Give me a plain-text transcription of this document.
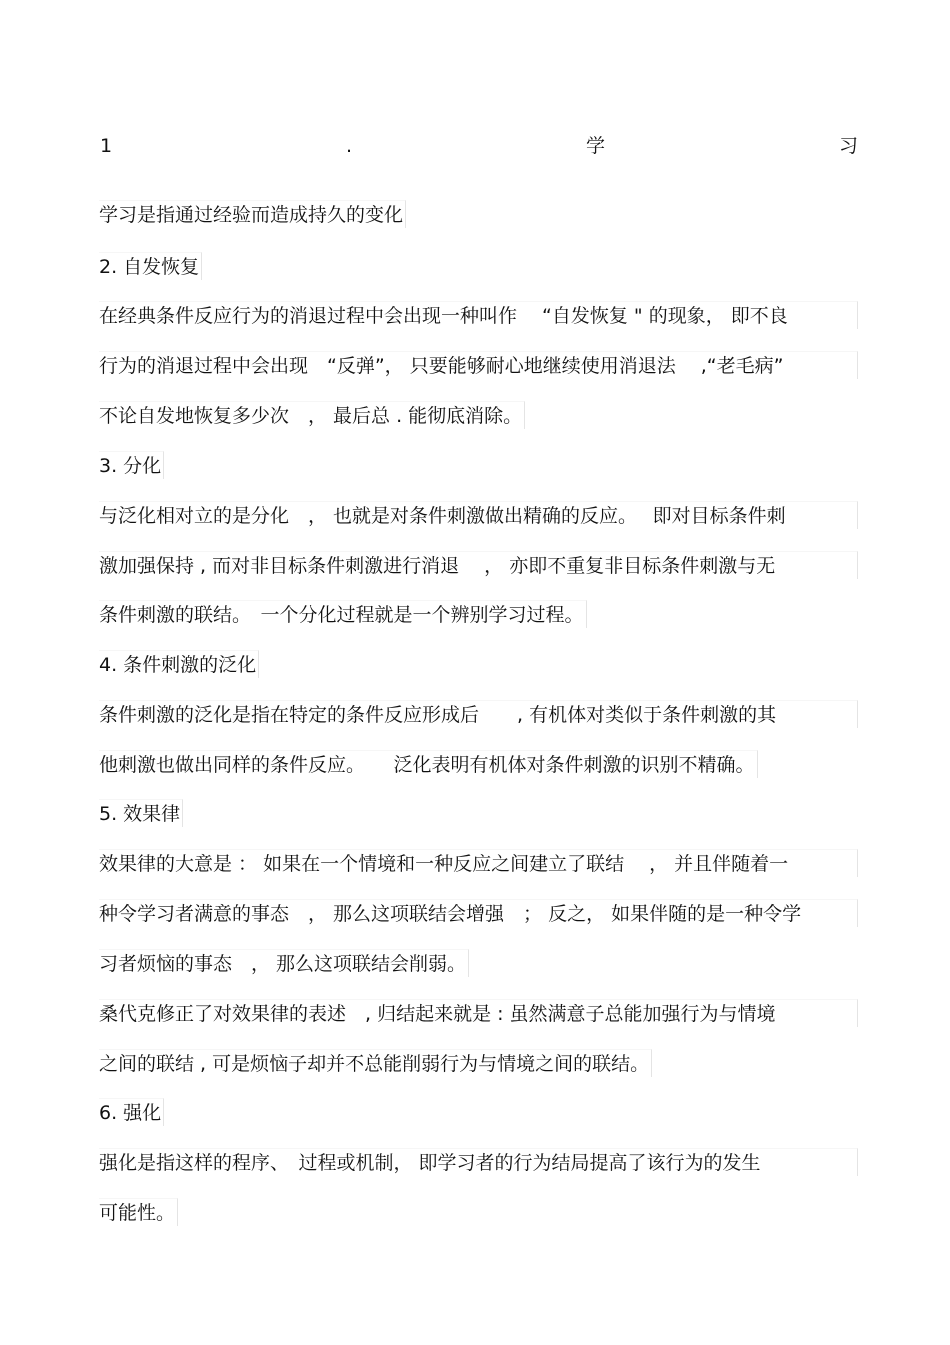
1	.	学	习
学习是指通过经验而造成持久的变化
2. 自发恢复
在经典条件反应行为的消退过程中会出现一种叫作　 “自发恢复 " 的现象， 即不良
行为的消退过程中会出现　“反弹”， 只要能够耐心地继续使用消退法　 ,“老毛病”
不论自发地恢复多少次　， 最后总 . 能彻底消除。
3. 分化
与泛化相对立的是分化　， 也就是对条件刺激做出精确的反应。　 即对目标条件刺
激加强保持 , 而对非目标条件刺激进行消退　 ， 亦即不重复非目标条件刺激与无
条件刺激的联结。　一个分化过程就是一个辨别学习过程。
4. 条件刺激的泛化
条件刺激的泛化是指在特定的条件反应形成后　　, 有机体对类似于条件刺激的其
他刺激也做出同样的条件反应。　　泛化表明有机体对条件刺激的识别不精确。
5. 效果律
效果律的大意是 ： 如果在一个情境和一种反应之间建立了联结　 ， 并且伴随着一
种令学习者满意的事态　， 那么这项联结会增强　； 反之， 如果伴随的是一种令学
习者烦恼的事态　， 那么这项联结会削弱。
桑代克修正了对效果律的表述　, 归结起来就是 : 虽然满意子总能加强行为与情境
之间的联结 , 可是烦恼子却并不总能削弱行为与情境之间的联结。
6. 强化
强化是指这样的程序、　过程或机制， 即学习者的行为结局提高了该行为的发生
可能性。
